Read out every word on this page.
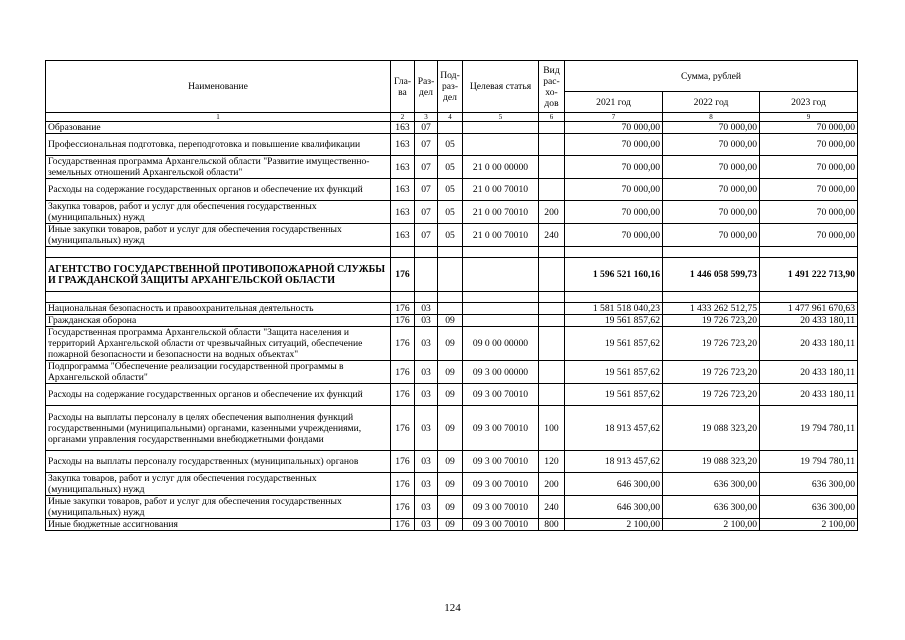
Наименование	Гла- ва	Раз- дел	Под- раз- дел	Целевая статья	Вид рас- хо- дов	Сумма, рублей		
						2021 год	2022 год	2023 год
1	2	3	4	5	6	7	8	9
Образование	163	07				70 000,00	70 000,00	70 000,00
Профессиональная подготовка, переподготовка и повышение квалификации	163	07	05			70 000,00	70 000,00	70 000,00
Государственная программа Архангельской области "Развитие имущественно-земельных отношений Архангельской области"	163	07	05	21 0 00 00000		70 000,00	70 000,00	70 000,00
Расходы на содержание государственных органов и обеспечение их функций	163	07	05	21 0 00 70010		70 000,00	70 000,00	70 000,00
Закупка товаров, работ и услуг для обеспечения государственных (муниципальных) нужд	163	07	05	21 0 00 70010	200	70 000,00	70 000,00	70 000,00
Иные закупки товаров, работ и услуг для обеспечения государственных (муниципальных) нужд	163	07	05	21 0 00 70010	240	70 000,00	70 000,00	70 000,00

АГЕНТСТВО ГОСУДАРСТВЕННОЙ ПРОТИВОПОЖАРНОЙ СЛУЖБЫ И ГРАЖДАНСКОЙ ЗАЩИТЫ АРХАНГЕЛЬСКОЙ ОБЛАСТИ	176					1 596 521 160,16	1 446 058 599,73	1 491 222 713,90

Национальная безопасность и правоохранительная деятельность	176	03				1 581 518 040,23	1 433 262 512,75	1 477 961 670,63
Гражданская оборона	176	03	09			19 561 857,62	19 726 723,20	20 433 180,11
Государственная программа Архангельской области "Защита населения и территорий Архангельской области от чрезвычайных ситуаций, обеспечение пожарной безопасности и безопасности на водных объектах"	176	03	09	09 0 00 00000		19 561 857,62	19 726 723,20	20 433 180,11
Подпрограмма "Обеспечение реализации государственной программы в Архангельской области"	176	03	09	09 3 00 00000		19 561 857,62	19 726 723,20	20 433 180,11
Расходы на содержание государственных органов и обеспечение их функций	176	03	09	09 3 00 70010		19 561 857,62	19 726 723,20	20 433 180,11
Расходы на выплаты персоналу в целях обеспечения выполнения функций государственными (муниципальными) органами, казенными учреждениями, органами управления государственными внебюджетными фондами	176	03	09	09 3 00 70010	100	18 913 457,62	19 088 323,20	19 794 780,11
Расходы на выплаты персоналу государственных (муниципальных) органов	176	03	09	09 3 00 70010	120	18 913 457,62	19 088 323,20	19 794 780,11
Закупка товаров, работ и услуг для обеспечения государственных (муниципальных) нужд	176	03	09	09 3 00 70010	200	646 300,00	636 300,00	636 300,00
Иные закупки товаров, работ и услуг для обеспечения государственных (муниципальных) нужд	176	03	09	09 3 00 70010	240	646 300,00	636 300,00	636 300,00
Иные бюджетные ассигнования	176	03	09	09 3 00 70010	800	2 100,00	2 100,00	2 100,00
124
